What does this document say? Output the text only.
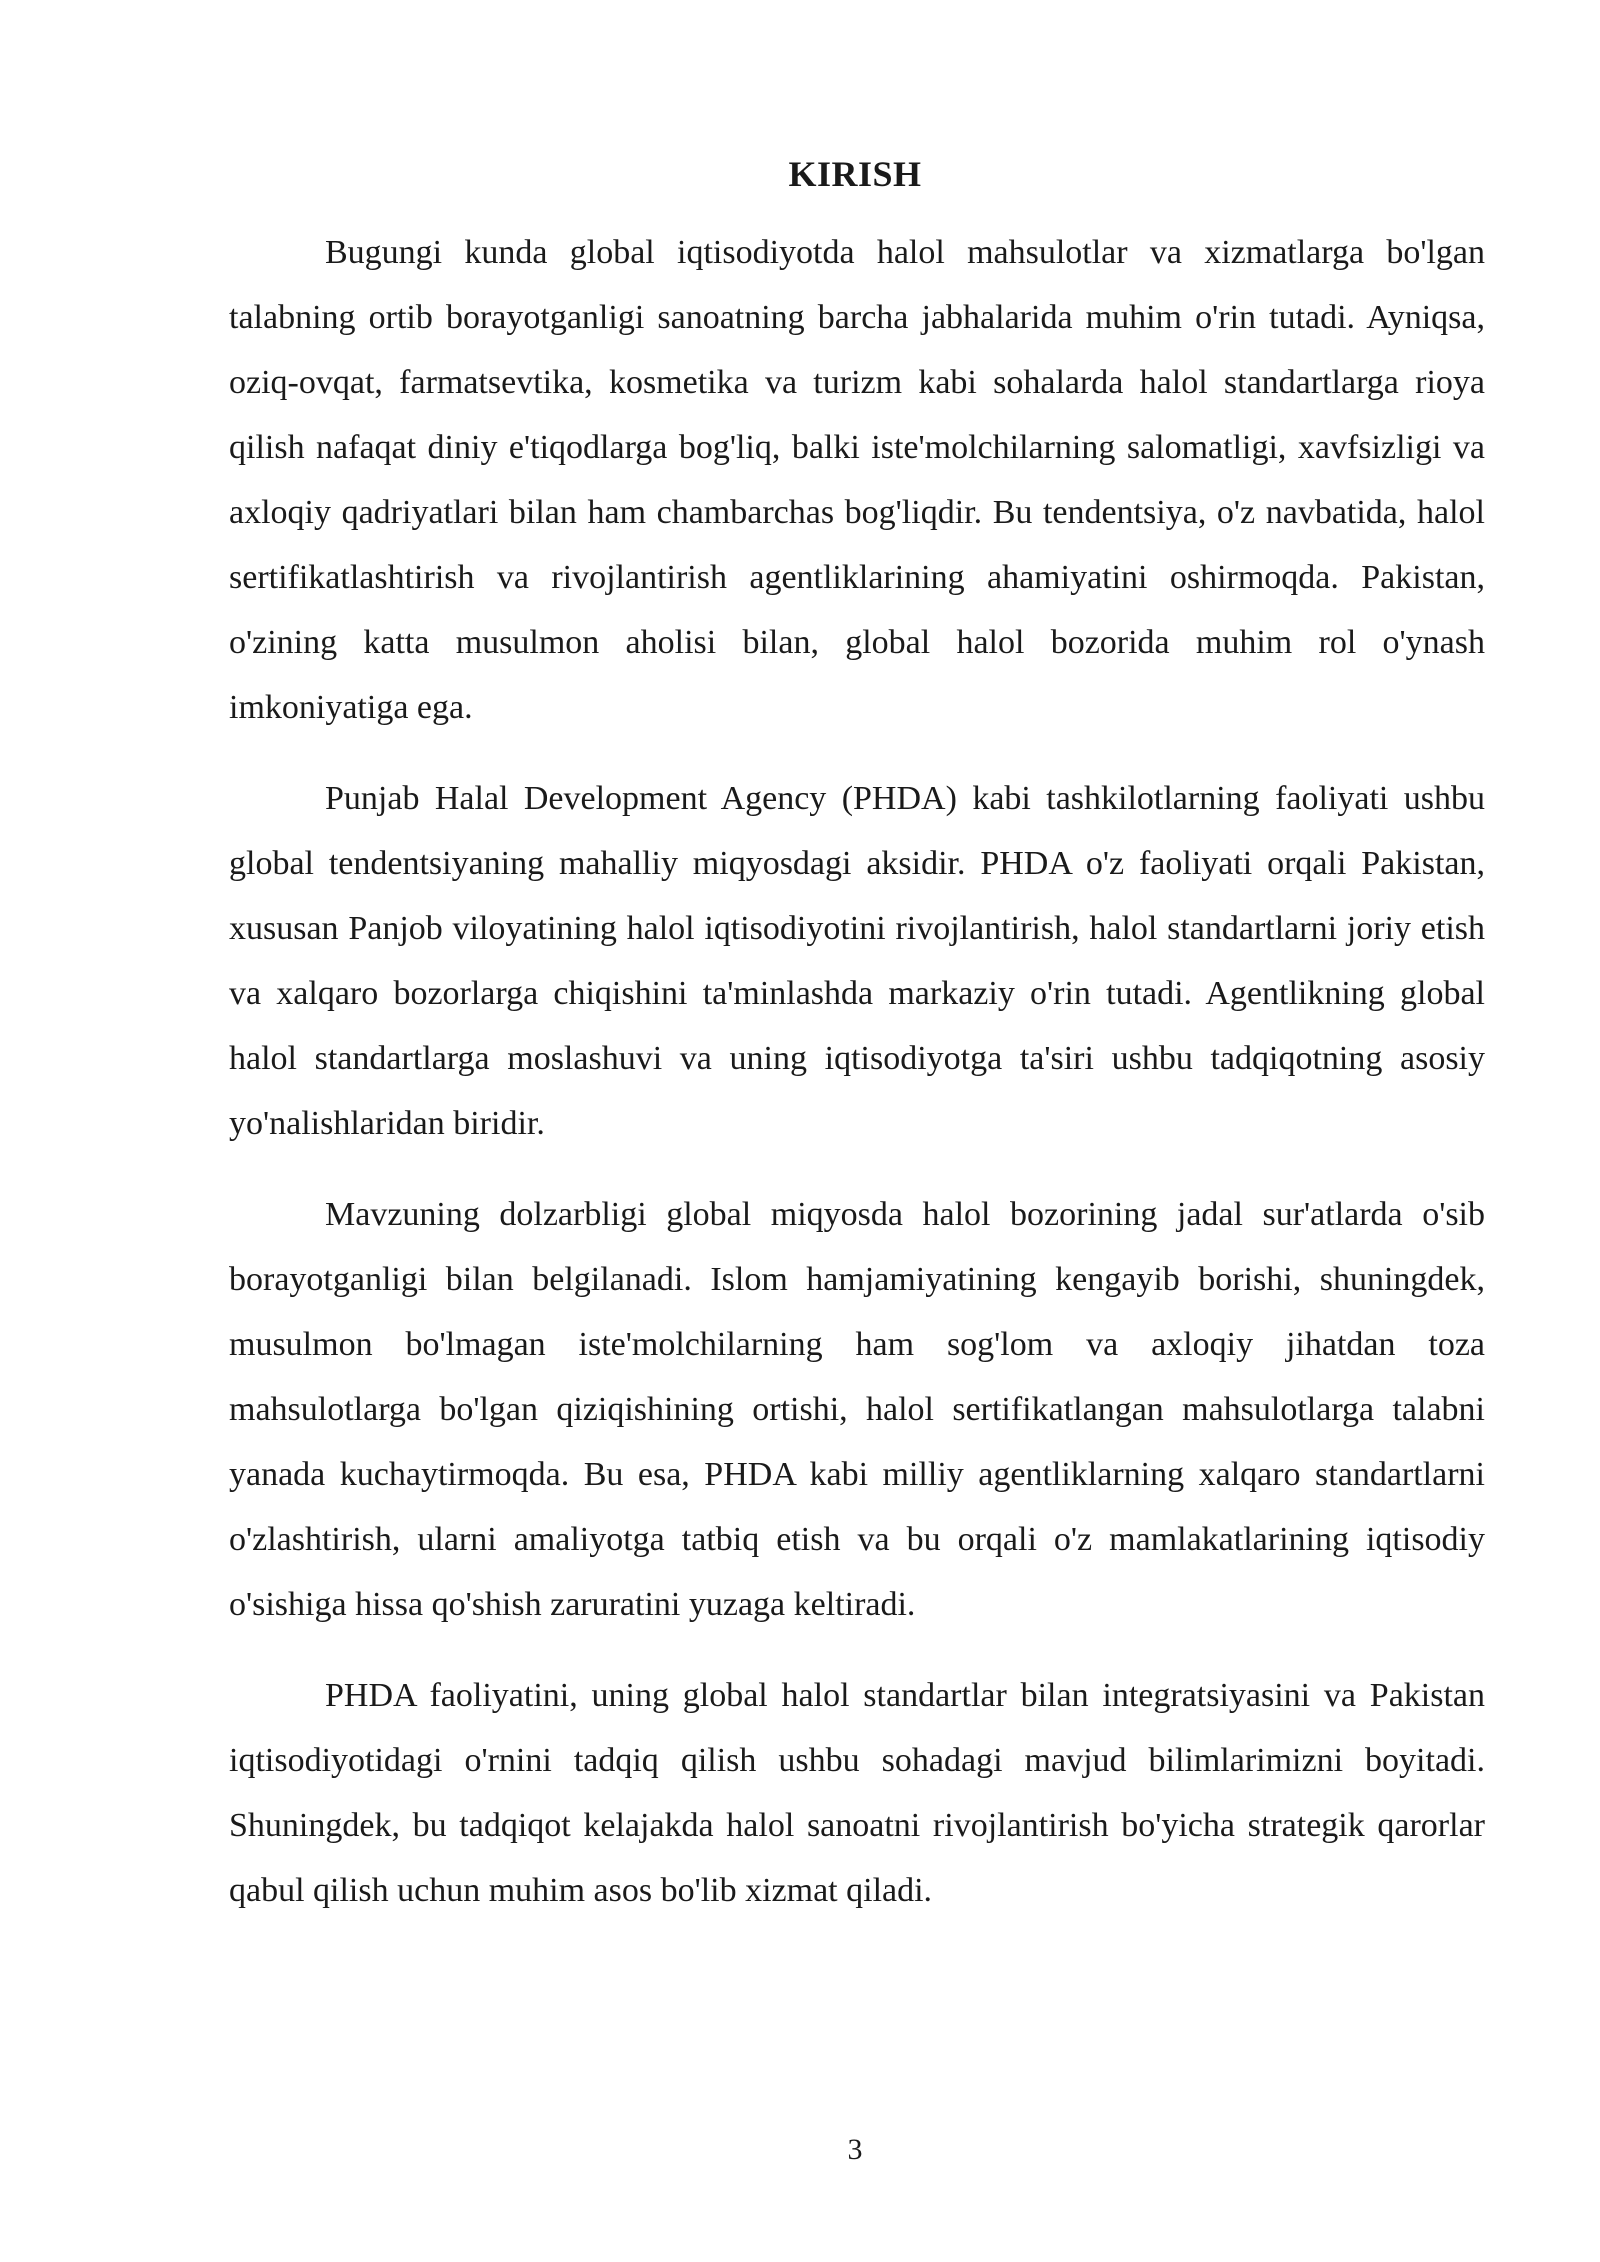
KIRISH

Bugungi kunda global iqtisodiyotda halol mahsulotlar va xizmatlarga bo'lgan talabning ortib borayotganligi sanoatning barcha jabhalarida muhim o'rin tutadi. Ayniqsa, oziq-ovqat, farmatsevtika, kosmetika va turizm kabi sohalarda halol standartlarga rioya qilish nafaqat diniy e'tiqodlarga bog'liq, balki iste'molchilarning salomatligi, xavfsizligi va axloqiy qadriyatlari bilan ham chambarchas bog'liqdir. Bu tendentsiya, o'z navbatida, halol sertifikatlashtirish va rivojlantirish agentliklarining ahamiyatini oshirmoqda. Pakistan, o'zining katta musulmon aholisi bilan, global halol bozorida muhim rol o'ynash imkoniyatiga ega.

Punjab Halal Development Agency (PHDA) kabi tashkilotlarning faoliyati ushbu global tendentsiyaning mahalliy miqyosdagi aksidir. PHDA o'z faoliyati orqali Pakistan, xususan Panjob viloyatining halol iqtisodiyotini rivojlantirish, halol standartlarni joriy etish va xalqaro bozorlarga chiqishini ta'minlashda markaziy o'rin tutadi. Agentlikning global halol standartlarga moslashuvi va uning iqtisodiyotga ta'siri ushbu tadqiqotning asosiy yo'nalishlaridan biridir.

Mavzuning dolzarbligi global miqyosda halol bozorining jadal sur'atlarda o'sib borayotganligi bilan belgilanadi. Islom hamjamiyatining kengayib borishi, shuningdek, musulmon bo'lmagan iste'molchilarning ham sog'lom va axloqiy jihatdan toza mahsulotlarga bo'lgan qiziqishining ortishi, halol sertifikatlangan mahsulotlarga talabni yanada kuchaytirmoqda. Bu esa, PHDA kabi milliy agentliklarning xalqaro standartlarni o'zlashtirish, ularni amaliyotga tatbiq etish va bu orqali o'z mamlakatlarining iqtisodiy o'sishiga hissa qo'shish zaruratini yuzaga keltiradi.

PHDA faoliyatini, uning global halol standartlar bilan integratsiyasini va Pakistan iqtisodiyotidagi o'rnini tadqiq qilish ushbu sohadagi mavjud bilimlarimizni boyitadi. Shuningdek, bu tadqiqot kelajakda halol sanoatni rivojlantirish bo'yicha strategik qarorlar qabul qilish uchun muhim asos bo'lib xizmat qiladi.

3
